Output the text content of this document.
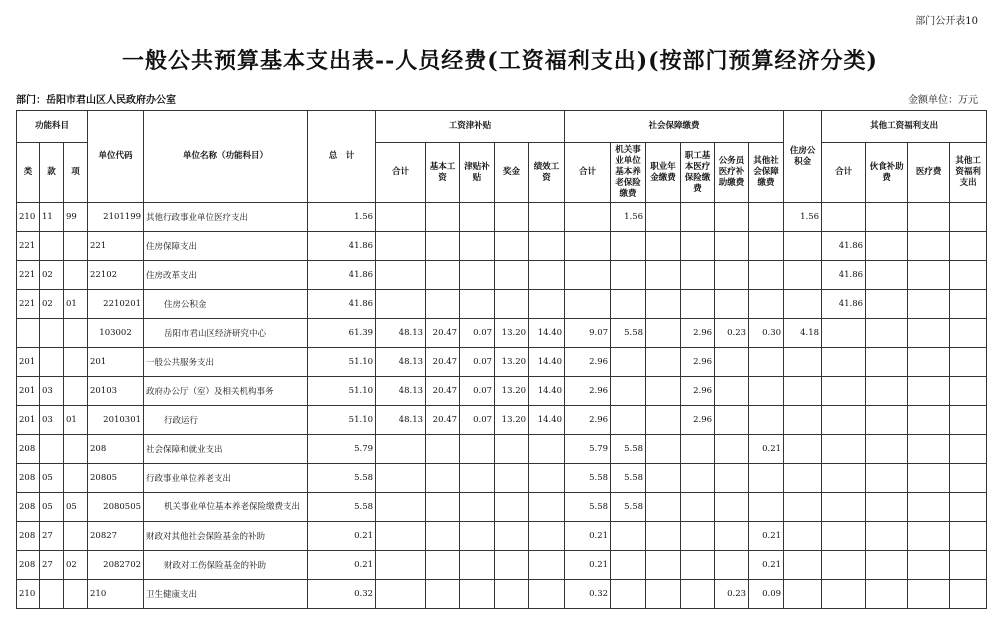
部门公开表10
一般公共预算基本支出表--人员经费(工资福利支出)(按部门预算经济分类)
部门：岳阳市君山区人民政府办公室	金额单位：万元
功能科目			单位代码	单位名称（功能科目）	总　计	工资津补贴					社会保障缴费						住房公积金	其他工资福利支出				
类	款	项				合计	基本工资	津贴补贴	奖金	绩效工资	合计	机关事业单位基本养老保险缴费	职业年金缴费	职工基本医疗保险缴费	公务员医疗补助缴费	其他社会保障缴费		合计	伙食补助费	医疗费	其他工资福利支出	
210	11	99	2101199	其他行政事业单位医疗支出	1.56							1.56					1.56					
221			221	住房保障支出	41.86													41.86				
221	02		22102	住房改革支出	41.86													41.86				
221	02	01	2210201	住房公积金	41.86													41.86				
			103002	岳阳市君山区经济研究中心	61.39	48.13	20.47	0.07	13.20	14.40	9.07	5.58		2.96	0.23	0.30	4.18					
201			201	一般公共服务支出	51.10	48.13	20.47	0.07	13.20	14.40	2.96			2.96								
201	03		20103	政府办公厅（室）及相关机构事务	51.10	48.13	20.47	0.07	13.20	14.40	2.96			2.96								
201	03	01	2010301	行政运行	51.10	48.13	20.47	0.07	13.20	14.40	2.96			2.96								
208			208	社会保障和就业支出	5.79						5.79	5.58				0.21						
208	05		20805	行政事业单位养老支出	5.58						5.58	5.58										
208	05	05	2080505	机关事业单位基本养老保险缴费支出	5.58						5.58	5.58										
208	27		20827	财政对其他社会保险基金的补助	0.21						0.21					0.21						
208	27	02	2082702	财政对工伤保险基金的补助	0.21						0.21					0.21						
210			210	卫生健康支出	0.32						0.32				0.23	0.09						
